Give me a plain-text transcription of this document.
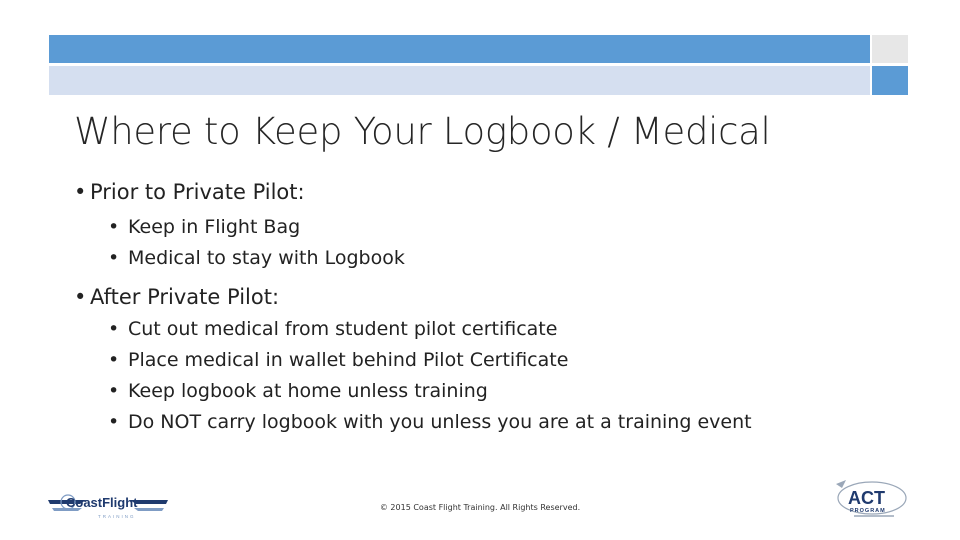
Where to Keep Your Logbook / Medical
• Prior to Private Pilot:
• Keep in Flight Bag
• Medical to stay with Logbook
• After Private Pilot:
• Cut out medical from student pilot certificate
• Place medical in wallet behind Pilot Certificate
• Keep logbook at home unless training
• Do NOT carry logbook with you unless you are at a training event
CoastFlight
TRAINING
© 2015 Coast Flight Training. All Rights Reserved.	ACT
PROGRAM
